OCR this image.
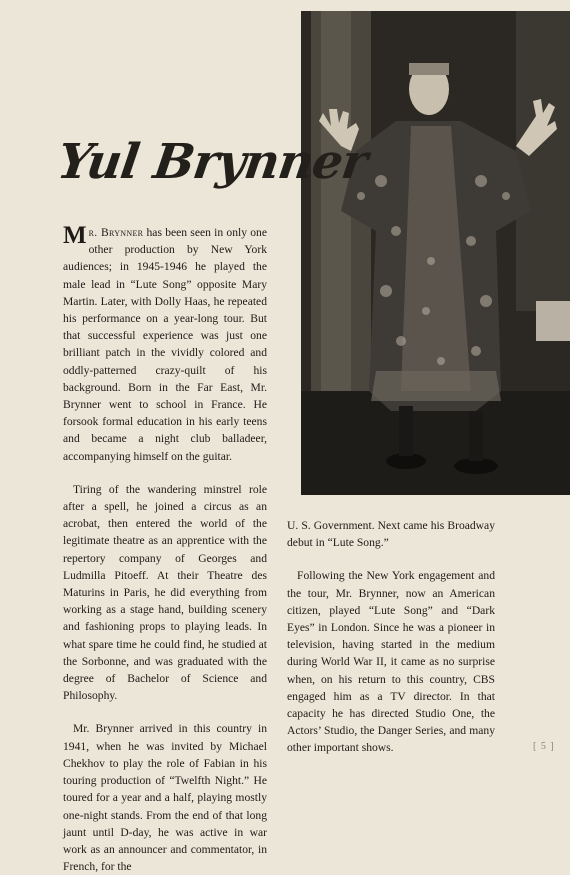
Yul Brynner

Mr. Brynner has been seen in only one other production by New York audiences; in 1945-1946 he played the male lead in “Lute Song” opposite Mary Martin. Later, with Dolly Haas, he repeated his performance on a year-long tour. But that successful experience was just one brilliant patch in the vividly colored and oddly-patterned crazy-quilt of his background. Born in the Far East, Mr. Brynner went to school in France. He forsook formal education in his early teens and became a night club balladeer, accompanying himself on the guitar.

Tiring of the wandering minstrel role after a spell, he joined a circus as an acrobat, then entered the world of the legitimate theatre as an apprentice with the repertory company of Georges and Ludmilla Pitoeff. At their Theatre des Maturins in Paris, he did everything from working as a stage hand, building scenery and fashioning props to playing leads. In what spare time he could find, he studied at the Sorbonne, and was graduated with the degree of Bachelor of Science and Philosophy.

Mr. Brynner arrived in this country in 1941, when he was invited by Michael Chekhov to play the role of Fabian in his touring production of “Twelfth Night.” He toured for a year and a half, playing mostly one-night stands. From the end of that long jaunt until D-day, he was active in war work as an announcer and commentator, in French, for the

U. S. Government. Next came his Broadway debut in “Lute Song.”

Following the New York engagement and the tour, Mr. Brynner, now an American citizen, played “Lute Song” and “Dark Eyes” in London. Since he was a pioneer in television, having started in the medium during World War II, it came as no surprise when, on his return to this country, CBS engaged him as a TV director. In that capacity he has directed Studio One, the Actors’ Studio, the Danger Series, and many other important shows.	[ 5 ]
